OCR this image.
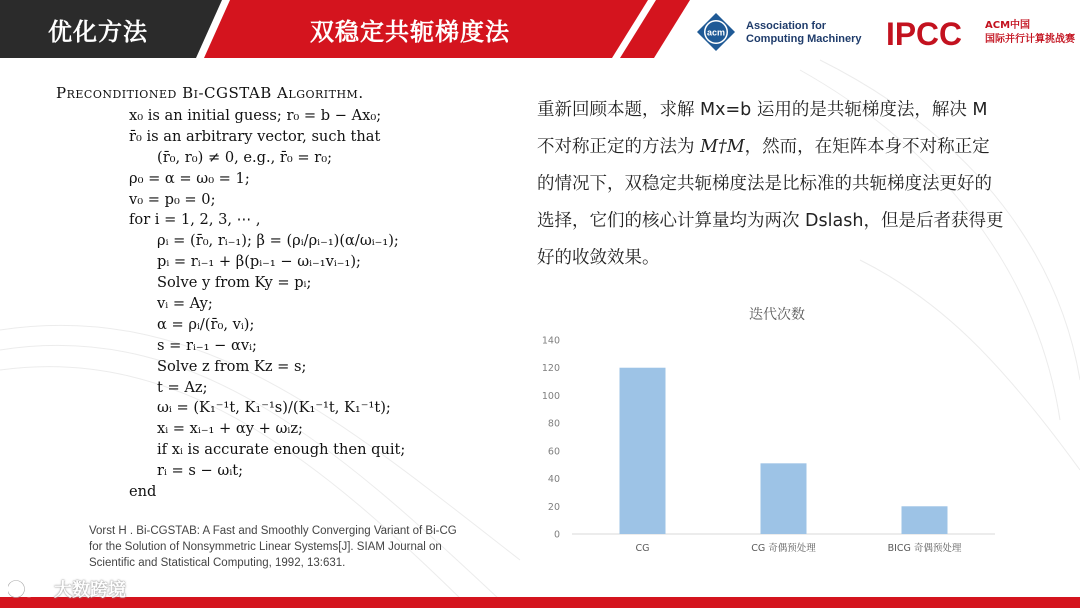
优化方法	双稳定共轭梯度法	acm
Association for
Computing Machinery IPCC ACM中国
国际并行计算挑战赛
Preconditioned Bi-CGSTAB Algorithm.
x₀ is an initial guess; r₀ = b − Ax₀;
r̄₀ is an arbitrary vector, such that
(r̄₀, r₀) ≠ 0, e.g., r̄₀ = r₀;
ρ₀ = α = ω₀ = 1;
v₀ = p₀ = 0;
for i = 1, 2, 3, ⋯ ,
ρᵢ = (r̄₀, rᵢ₋₁); β = (ρᵢ/ρᵢ₋₁)(α/ωᵢ₋₁);
pᵢ = rᵢ₋₁ + β(pᵢ₋₁ − ωᵢ₋₁vᵢ₋₁);
Solve y from Ky = pᵢ;
vᵢ = Ay;
α = ρᵢ/(r̄₀, vᵢ);
s = rᵢ₋₁ − αvᵢ;
Solve z from Kz = s;
t = Az;
ωᵢ = (K₁⁻¹t, K₁⁻¹s)/(K₁⁻¹t, K₁⁻¹t);
xᵢ = xᵢ₋₁ + αy + ωᵢz;
if xᵢ is accurate enough then quit;
rᵢ = s − ωᵢt;
end
Vorst H . Bi-CGSTAB: A Fast and Smoothly Converging Variant of Bi-CG for the Solution of Nonsymmetric Linear Systems[J]. SIAM Journal on Scientific and Statistical Computing, 1992, 13:631.
重新回顾本题，求解 Mx=b 运用的是共轭梯度法，解决 M 不对称正定的方法为 M†M，然而，在矩阵本身不对称正定的情况下，双稳定共轭梯度法是比标准的共轭梯度法更好的选择，它们的核心计算量均为两次 Dslash，但是后者获得更好的收敛效果。
迭代次数
0
20
40
60
80
100
120
140
CG	CG 奇偶预处理	BICG 奇偶预处理
大数跨境
